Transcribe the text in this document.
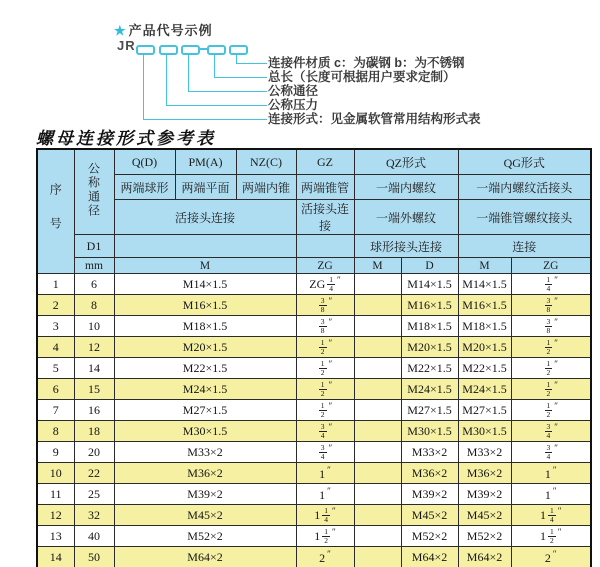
★ 产品代号示例
JR
连接件材质 c：为碳钢 b：为不锈钢
总长（长度可根据用户要求定制）
公称通径
公称压力
连接形式：见金属软管常用结构形式表
螺母连接形式参考表
序号	公称通径	Q(D)	PM(A)	NZ(C)	GZ	QZ形式		QG形式	
		两端球形	两端平面	两端内锥	两端锥管	一端内螺纹		一端内螺纹活接头	
		活接头连接			活接头连接	一端外螺纹		一端锥管螺纹接头	
	D1					球形接头连接		连接	
	mm	M			ZG	M	D	M	ZG
1	6	M14×1.5			ZG $\frac{1}{4} ''$		M14×1.5	M14×1.5	$\frac{1}{4} ''$
2	8	M16×1.5			$\frac{3}{8} ''$		M16×1.5	M16×1.5	$\frac{3}{8} ''$
3	10	M18×1.5			$\frac{3}{8} ''$		M18×1.5	M18×1.5	$\frac{3}{8} ''$
4	12	M20×1.5			$\frac{1}{2} ''$		M20×1.5	M20×1.5	$\frac{1}{2} ''$
5	14	M22×1.5			$\frac{1}{2} ''$		M22×1.5	M22×1.5	$\frac{1}{2} ''$
6	15	M24×1.5			$\frac{1}{2} ''$		M24×1.5	M24×1.5	$\frac{1}{2} ''$
7	16	M27×1.5			$\frac{1}{2} ''$		M27×1.5	M27×1.5	$\frac{1}{2} ''$
8	18	M30×1.5			$\frac{3}{4} ''$		M30×1.5	M30×1.5	$\frac{3}{4} ''$
9	20	M33×2			$\frac{3}{4} ''$		M33×2	M33×2	$\frac{3}{4} ''$
10	22	M36×2			1 ″		M36×2	M36×2	1 ″
11	25	M39×2			1 ″		M39×2	M39×2	1 ″
12	32	M45×2			$1 \frac{1}{4} ''$		M45×2	M45×2	$1 \frac{1}{4} ''$
13	40	M52×2			$1 \frac{1}{2} ''$		M52×2	M52×2	$1 \frac{1}{2} ''$
14	50	M64×2			2 ″		M64×2	M64×2	2 ″
